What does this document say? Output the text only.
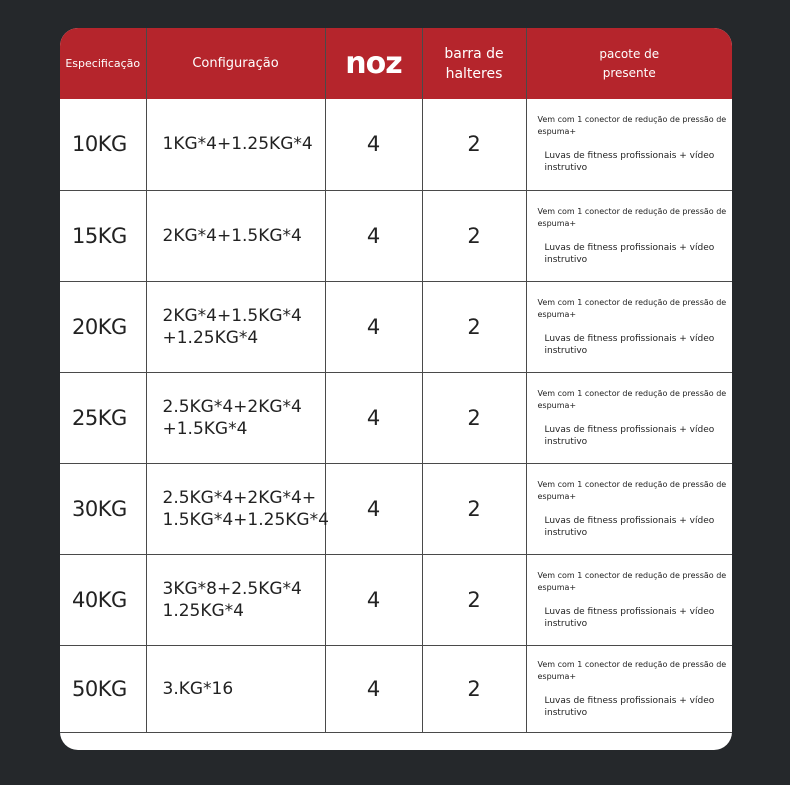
Especificação	Configuração	noz	barra de
halteres	pacote de
presente

10KG	1KG*4+1.25KG*4	4	2	Vem com 1 conector de redução de pressão de espuma+
Luvas de fitness profissionais + vídeo instrutivo

15KG	2KG*4+1.5KG*4	4	2	Vem com 1 conector de redução de pressão de espuma+
Luvas de fitness profissionais + vídeo instrutivo

20KG	2KG*4+1.5KG*4
+1.25KG*4	4	2	Vem com 1 conector de redução de pressão de espuma+
Luvas de fitness profissionais + vídeo instrutivo

25KG	2.5KG*4+2KG*4
+1.5KG*4	4	2	Vem com 1 conector de redução de pressão de espuma+
Luvas de fitness profissionais + vídeo instrutivo

30KG	2.5KG*4+2KG*4+
1.5KG*4+1.25KG*4	4	2	Vem com 1 conector de redução de pressão de espuma+
Luvas de fitness profissionais + vídeo instrutivo

40KG	3KG*8+2.5KG*4
1.25KG*4	4	2	Vem com 1 conector de redução de pressão de espuma+
Luvas de fitness profissionais + vídeo instrutivo

50KG	3.KG*16	4	2	Vem com 1 conector de redução de pressão de espuma+
Luvas de fitness profissionais + vídeo instrutivo
